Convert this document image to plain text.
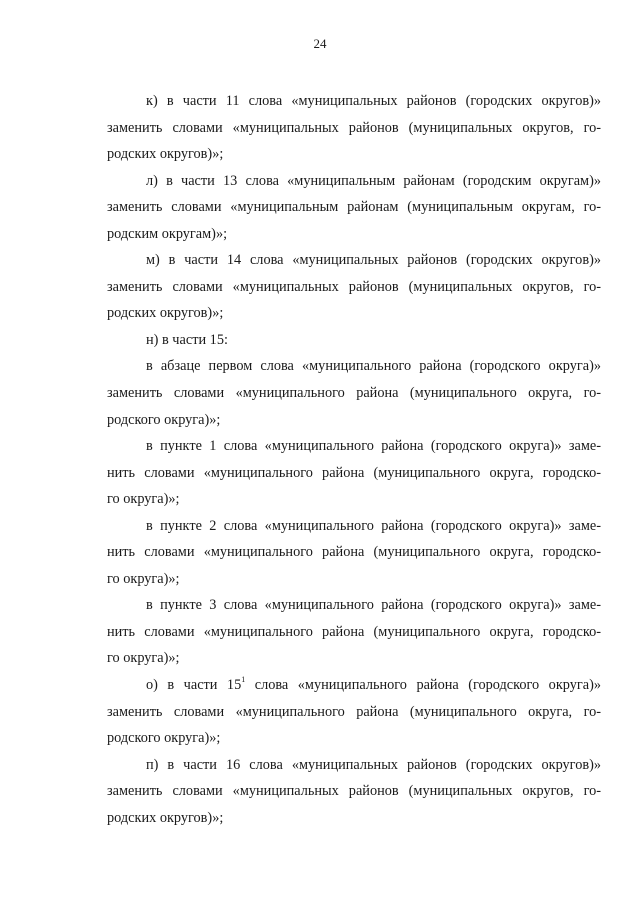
24

к) в части 11 слова «муниципальных районов (городских округов)»
заменить словами «муниципальных районов (муниципальных округов, го-
родских округов)»;

л) в части 13 слова «муниципальным районам (городским округам)»
заменить словами «муниципальным районам (муниципальным округам, го-
родским округам)»;

м) в части 14 слова «муниципальных районов (городских округов)»
заменить словами «муниципальных районов (муниципальных округов, го-
родских округов)»;

н) в части 15:

в абзаце первом слова «муниципального района (городского округа)»
заменить словами «муниципального района (муниципального округа, го-
родского округа)»;

в пункте 1 слова «муниципального района (городского округа)» заме-
нить словами «муниципального района (муниципального округа, городско-
го округа)»;

в пункте 2 слова «муниципального района (городского округа)» заме-
нить словами «муниципального района (муниципального округа, городско-
го округа)»;

в пункте 3 слова «муниципального района (городского округа)» заме-
нить словами «муниципального района (муниципального округа, городско-
го округа)»;

о) в части $15^1$ слова «муниципального района (городского округа)»
заменить словами «муниципального района (муниципального округа, го-
родского округа)»;

п) в части 16 слова «муниципальных районов (городских округов)»
заменить словами «муниципальных районов (муниципальных округов, го-
родских округов)»;
